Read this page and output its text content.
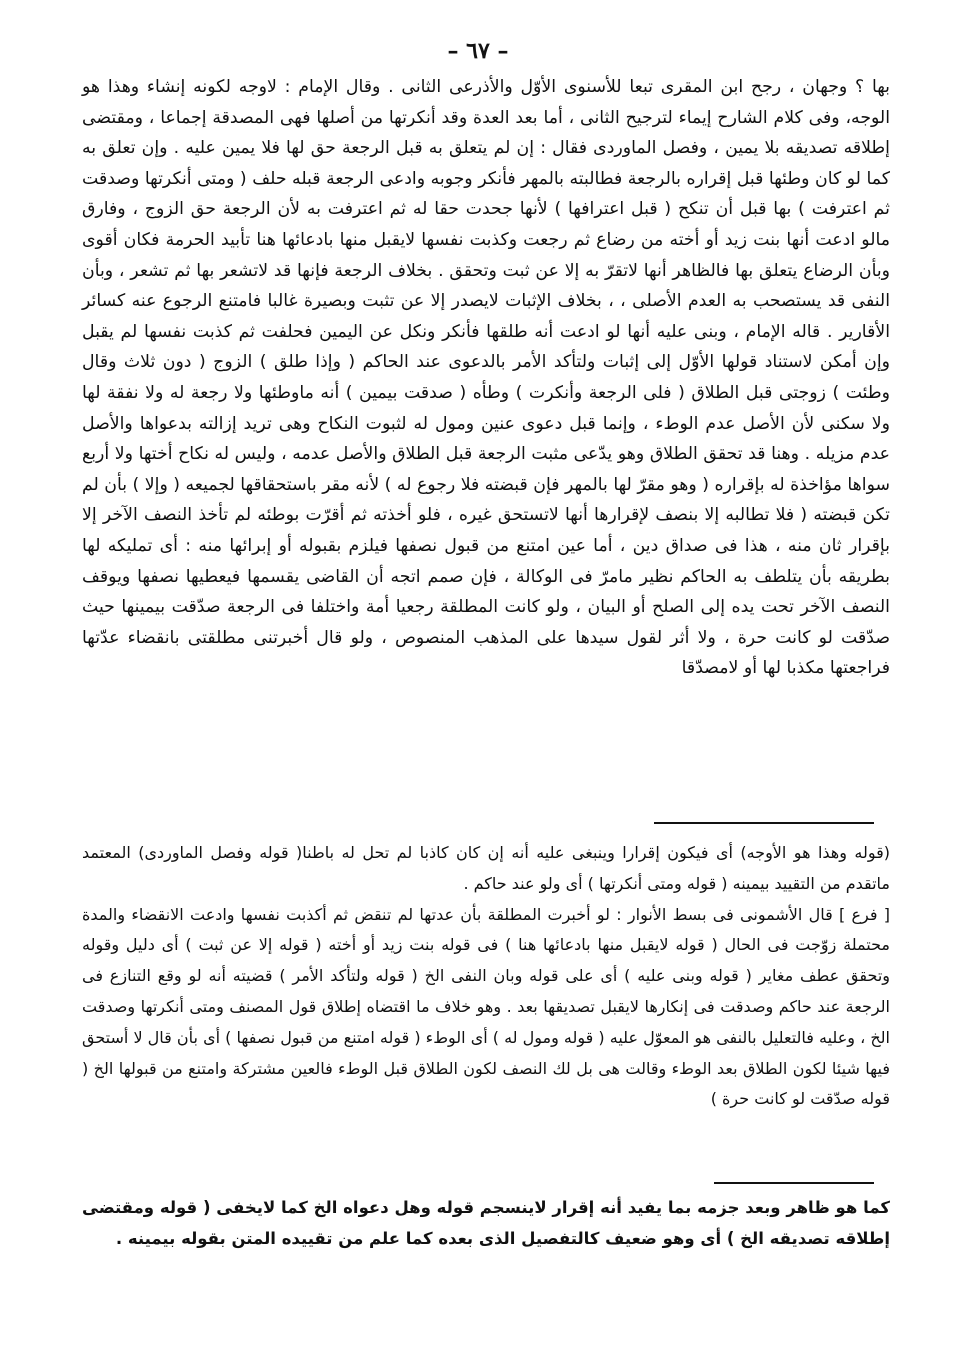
– ٦٧ –

بها ؟ وجهان ، رجح ابن المقرى تبعا للأسنوى الأوّل والأذرعى الثانى . وقال الإمام : لاوجه لكونه إنشاء وهذا هو الوجه، وفى كلام الشارح إيماء لترجيح الثانى ، أما بعد العدة وقد أنكرتها من أصلها فهى المصدقة إجماعا ، ومقتضى إطلاقه تصديقه بلا يمين ، وفصل الماوردى فقال : إن لم يتعلق به قبل الرجعة حق لها فلا يمين عليه . وإن تعلق به كما لو كان وطئها قبل إقراره بالرجعة فطالبته بالمهر فأنكر وجوبه وادعى الرجعة قبله حلف ( ومتى أنكرتها وصدقت ثم اعترفت ) بها قبل أن تنكح ( قبل اعترافها ) لأنها جحدت حقا له ثم اعترفت به لأن الرجعة حق الزوج ، وفارق مالو ادعت أنها بنت زيد أو أخته من رضاع ثم رجعت وكذبت نفسها لايقبل منها بادعائها هنا تأبيد الحرمة فكان أقوى وبأن الرضاع يتعلق بها فالظاهر أنها لاتقرّ به إلا عن ثبت وتحقق . بخلاف الرجعة فإنها قد لاتشعر بها ثم تشعر ، وبأن النفى قد يستصحب به العدم الأصلى ، ، بخلاف الإثبات لايصدر إلا عن تثبت وبصيرة غالبا فامتنع الرجوع عنه كسائر الأقارير . قاله الإمام ، وبنى عليه أنها لو ادعت أنه طلقها فأنكر ونكل عن اليمين فحلفت ثم كذبت نفسها لم يقبل وإن أمكن لاستناد قولها الأوّل إلى إثبات ولتأكد الأمر بالدعوى عند الحاكم ( وإذا طلق ) الزوج ( دون ثلاث وقال وطئت ) زوجتى قبل الطلاق ( فلى الرجعة وأنكرت ) وطأه ( صدقت بيمين ) أنه ماوطئها ولا رجعة له ولا نفقة لها ولا سكنى لأن الأصل عدم الوطء ، وإنما قبل دعوى عنين ومول له لثبوت النكاح وهى تريد إزالته بدعواها والأصل عدم مزيله . وهنا قد تحقق الطلاق وهو يدّعى مثبت الرجعة قبل الطلاق والأصل عدمه ، وليس له نكاح أختها ولا أربع سواها مؤاخذة له بإقراره ( وهو مقرّ لها بالمهر فإن قبضته فلا رجوع له ) لأنه مقر باستحقاقها لجميعه ( وإلا ) بأن لم تكن قبضته ( فلا تطالبه إلا بنصف لإقرارها أنها لاتستحق غيره ، فلو أخذته ثم أقرّت بوطئه لم تأخذ النصف الآخر إلا بإقرار ثان منه ، هذا فى صداق دين ، أما عين امتنع من قبول نصفها فيلزم بقبوله أو إبرائها منه : أى تمليكه لها بطريقه بأن يتلطف به الحاكم نظير مامرّ فى الوكالة ، فإن صمم اتجه أن القاضى يقسمها فيعطيها نصفها ويوقف النصف الآخر تحت يده إلى الصلح أو البيان ، ولو كانت المطلقة رجعيا أمة واختلفا فى الرجعة صدّقت بيمينها حيث صدّقت لو كانت حرة ، ولا أثر لقول سيدها على المذهب المنصوص ، ولو قال أخبرتنى مطلقتى بانقضاء عدّتها فراجعتها مكذبا لها أو لامصدّقا

(قوله وهذا هو الأوجه) أى فيكون إقرارا وينبغى عليه أنه إن كان كاذبا لم تحل له باطنا( قوله وفصل الماوردى) المعتمد ماتقدم من التقييد بيمينه ( قوله ومتى أنكرتها ) أى ولو عند حاكم .

[ فرع ] قال الأشمونى فى بسط الأنوار : لو أخبرت المطلقة بأن عدتها لم تنقض ثم أكذبت نفسها وادعت الانقضاء والمدة محتملة زوّجت فى الحال ( قوله لايقبل منها بادعائها هنا ) فى قوله بنت زيد أو أخته ( قوله إلا عن ثبت ) أى دليل وقوله وتحقق عطف مغاير ( قوله وبنى عليه ) أى على قوله وبان النفى الخ ( قوله ولتأكد الأمر ) قضيته أنه لو وقع التنازع فى الرجعة عند حاكم وصدقت فى إنكارها لايقبل تصديقها بعد . وهو خلاف ما اقتضاه إطلاق قول المصنف ومتى أنكرتها وصدقت الخ ، وعليه فالتعليل بالنفى هو المعوّل عليه ( قوله ومول له ) أى الوطء ( قوله امتنع من قبول نصفها ) أى بأن قال لا أستحق فيها شيئا لكون الطلاق بعد الوطء وقالت هى بل لك النصف لكون الطلاق قبل الوطء فالعين مشتركة وامتنع من قبولها الخ ( قوله صدّقت لو كانت حرة )

كما هو ظاهر وبعد جزمه بما يفيد أنه إقرار لاينسجم قوله وهل دعواه الخ كما لايخفى ( قوله ومقتضى إطلاقه تصديقه الخ ) أى وهو ضعيف كالتفصيل الذى بعده كما علم من تقييده المتن بقوله بيمينه .
